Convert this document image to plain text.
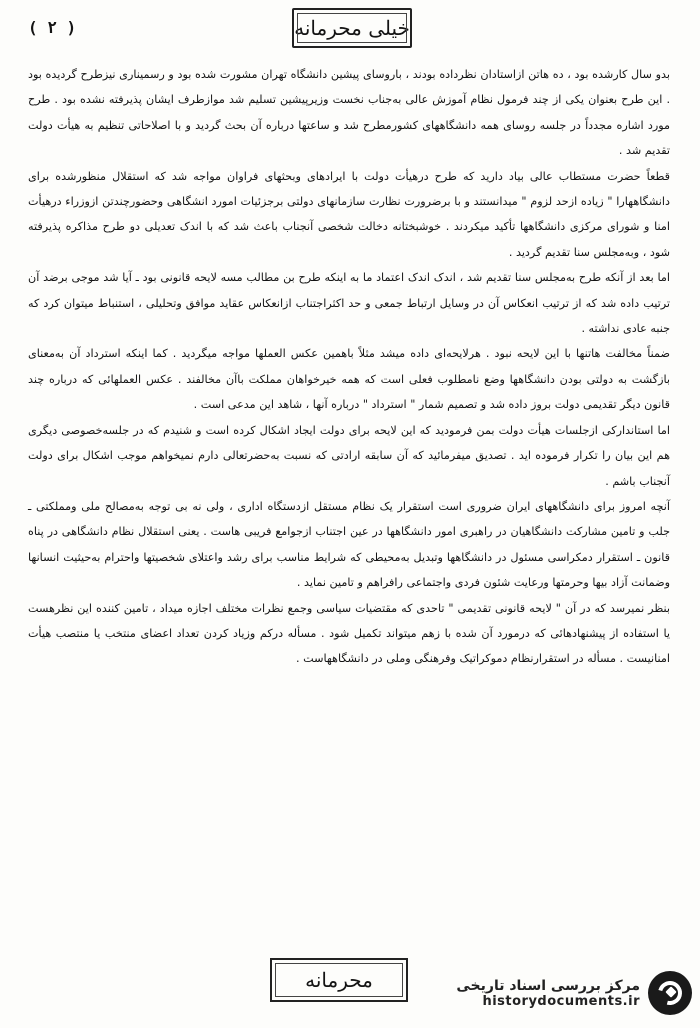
( ٢ )	خیلی محرمانه

بدو سال کارشده بود ، ده هاتن ازاستادان نظرداده بودند ، باروسای پیشین دانشگاه تهران مشورت شده بود و رسمیناری نیزطرح گردیده بود . این طرح بعنوان یکی از چند فرمول نظام آموزش عالی به‌جناب نخست وزیرپیشین تسلیم شد موازطرف ایشان پذیرفته نشده بود . طرح مورد اشاره مجدداً در جلسه روسای همه دانشگاههای کشورمطرح شد و ساعتها درباره آن بحث گردید و با اصلاحاتی تنظیم به هیأت دولت تقدیم شد .

قطعاً حضرت مستطاب عالی بیاد دارید که طرح درهیأت دولت با ایرادهای وبحثهای فراوان مواجه شد که استقلال منظورشده برای دانشگاههارا " زیاده ازحد لزوم " میدانستند و با برضرورت نظارت سازمانهای دولتی برجزئیات امورد انشگاهی وحضورچندتن ازوزراء درهیأت امنا و شورای مرکزی دانشگاهها تأکید میکردند . خوشبختانه دخالت شخصی آنجناب باعث شد که با اندک تعدیلی دو طرح مذاکره پذیرفته شود ، وبه‌مجلس سنا تقدیم گردید .

اما بعد از آنکه طرح به‌مجلس سنا تقدیم شد ، اندک اندک اعتماد ما به اینکه طرح بن مطالب مسه لایحه قانونی بود ـ آیا شد موجی برضد آن ترتیب داده شد که از ترتیب انعکاس آن در وسایل ارتباط جمعی و حد اکثراجتناب ازانعکاس عقاید موافق وتحلیلی ، استنباط میتوان کرد که جنبه عادی نداشته .

ضمناً مخالفت هاتنها با این لایحه نبود . هرلایحه‌ای داده میشد مثلاً باهمین عکس العملها مواجه میگردید . کما اینکه استرداد آن به‌معنای بازگشت به دولتی بودن دانشگاهها وضع نامطلوب فعلی است که همه خیرخواهان مملکت باآن مخالفند . عکس العملهائی که درباره چند قانون دیگر تقدیمی دولت بروز داده شد و تصمیم شمار " استرداد " درباره آنها ، شاهد این مدعی است .

اما استاندارکی ازجلسات هیأت دولت بمن فرمودید که این لایحه برای دولت ایجاد اشکال کرده است و شنیدم که در جلسه‌خصوصی دیگری هم این بیان را تکرار فرموده اید . تصدیق میفرمائید که آن سابقه ارادتی که نسبت به‌حضرتعالی دارم نمیخواهم موجب اشکال برای دولت آنجناب باشم .

آنچه امروز برای دانشگاههای ایران ضروری است استقرار یک نظام مستقل ازدستگاه اداری ، ولی نه بی توجه به‌مصالح ملی ومملکتی ـ جلب و تامین مشارکت دانشگاهیان در راهبری امور دانشگاهها در عین اجتناب ازجوامع فریبی هاست . یعنی استقلال نظام دانشگاهی در پناه قانون ـ استقرار دمکراسی مسئول در دانشگاهها وتبدیل به‌محیطی که شرایط مناسب برای رشد واعتلای شخصیتها واحترام به‌حیثیت انسانها وضمانت آزاد بیها وحرمتها ورعایت شئون فردی واجتماعی رافراهم و تامین نماید .

بنظر نمیرسد که در آن " لایحه قانونی تقدیمی " تاحدی که مقتضیات سیاسی وجمع نظرات مختلف اجازه میداد ، تامین کننده این نظرهست یا استفاده از پیشنهادهائی که درمورد آن شده با زهم میتواند تکمیل شود . مسأله درکم وزیاد کردن تعداد اعضای منتخب یا منتصب هیأت امنانیست . مسأله در استقرارنظام دموکراتیک وفرهنگی وملی در دانشگاههاست .

محرمانه	مرکز بررسی اسناد تاریخی
historydocuments.ir
